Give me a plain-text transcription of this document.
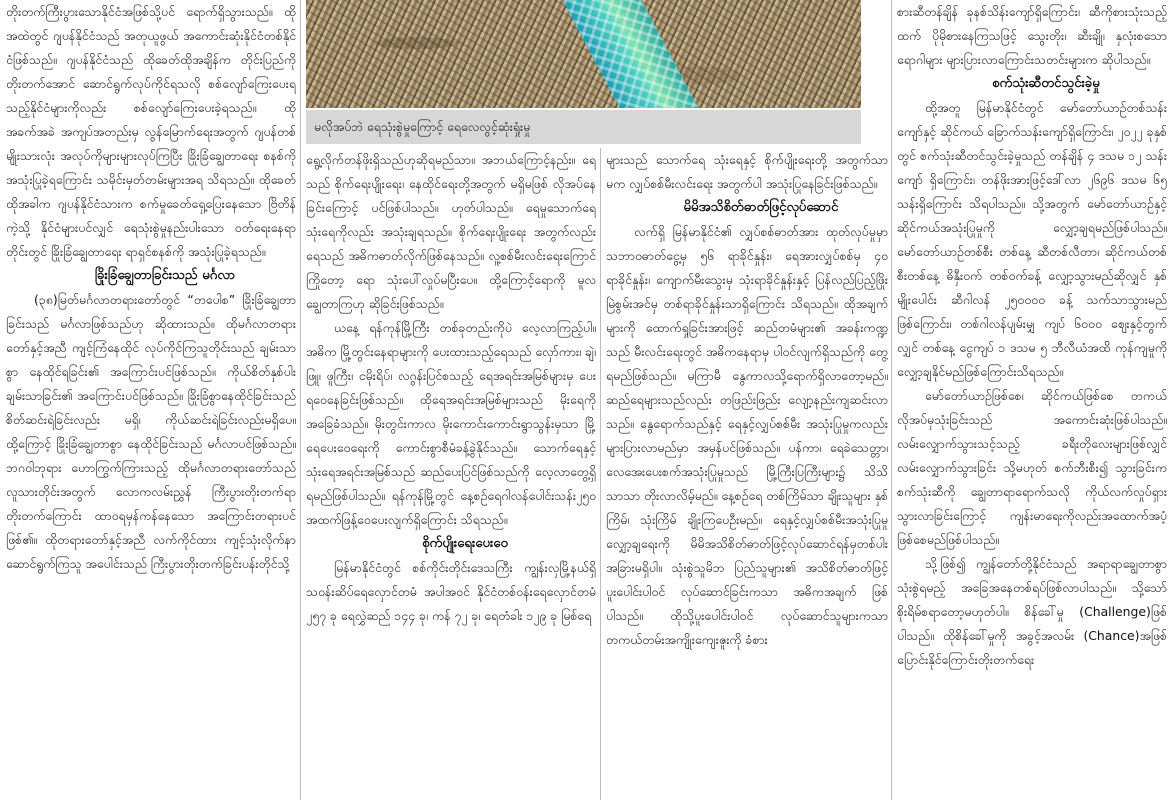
တိုးတက်ကြီးပွားသောနိုင်ငံအဖြစ်သို့ပင် ရောက်ရှိသွားသည်။ ထိုအထဲတွင် ဂျပန်နိုင်ငံသည် အတုယူဖွယ် အကောင်းဆုံးနိုင်ငံတစ်နိုင်ငံဖြစ်သည်။ ဂျပန်နိုင်ငံသည် ထိုခေတ်ထိုအချိန်က တိုင်းပြည်ကို တိုးတက်အောင် ဆောင်ရွက်လုပ်ကိုင်ရသလို စစ်လျော်ကြေးပေးရသည့်နိုင်ငံများကိုလည်း စစ်လျော်ကြေးပေးခဲ့ရသည်။ ထိုအခက်အခဲ အကျပ်အတည်းမှ လွန်မြောက်ရေးအတွက် ဂျပန်တစ်မျိုးသားလုံး အလုပ်ကိုများများလုပ်ကြပြီး ခြိုးခြံချွေတာရေး စနစ်ကို အသုံးပြုခဲ့ရကြောင်း သမိုင်းမှတ်တမ်းများအရ သိရသည်။ ထိုခေတ်ထိုအခါက ဂျပန်နိုင်ငံသားက စက်မှုခေတ်ရှေ့ပြေးနေသော ဗြိတိန်ကဲ့သို့ နိုင်ငံများပင်လျှင် ရေသုံးစွဲမှုနည်းပါးသော ဝတ်ရေးနေရာတိုင်းတွင် ခြိုးခြံချွေတာရေး ရာရှင်စနစ်ကို အသုံးပြုခဲ့ရသည်။

ခြိုးခြံချွေတာခြင်းသည် မင်္ဂလာ

(၃၈)မြတ်မင်္ဂလာတရားတော်တွင် “တပေါစ” ခြိုးခြံချွေတာခြင်းသည် မင်္ဂလာဖြစ်သည်ဟု ဆိုထားသည်။ ထိုမင်္ဂလာတရားတော်နှင့်အညီ ကျင့်ကြံနေထိုင် လုပ်ကိုင်ကြသူတိုင်းသည် ချမ်းသာစွာ နေထိုင်ရခြင်း၏ အကြောင်းပင်ဖြစ်သည်။ ကိုယ်စိတ်နှစ်ပါးချမ်းသာခြင်း၏ အကြောင်းပင်ဖြစ်သည်။ ခြိုးခြံစွာနေထိုင်ခြင်းသည် စိတ်ဆင်းရဲခြင်းလည်း မရှိ၊ ကိုယ်ဆင်းရဲခြင်းလည်းမရှိပေ။ ထို့ကြောင့် ခြိုးခြံချွေတာစွာ နေထိုင်ခြင်းသည် မင်္ဂလာပင်ဖြစ်သည်။ ဘဂဝါဘုရား ဟောကြွက်ကြားသည့် ထိုမင်္ဂလာတရားတော်သည် လူသားတိုင်းအတွက် လောကလမ်းညွှန် ကြီးပွားတိုးတက်ရာ တိုးတက်ကြောင်း ထာဝရမှန်ကန်နေသော အကြောင်းတရားပင်ဖြစ်၏။ ထိုတရားတော်နှင့်အညီ လက်ကိုင်ထား ကျင့်သုံးလိုက်နာဆောင်ရွက်ကြသူ အပေါင်းသည် ကြီးပွားတိုးတက်ခြင်းပန်းတိုင်သို့

မလိုအပ်ဘဲ ရေသုံးစွဲမှုကြောင့် ရေလေလွင့်ဆုံးရှုံးမှု

ရွေ့လိုက်တန်ဖိုးရှိသည်ဟုဆိုရမည်သာ။ အဘယ်ကြောင့်နည်း။ ရေသည် စိုက်ရေးပျိုးရေး၊ နေထိုင်ရေးတို့အတွက် မရှိမဖြစ် လိုအပ်နေခြင်းကြောင့် ပင်ဖြစ်ပါသည်။ ဟုတ်ပါသည်။ ရေမှုသောက်ရေ သုံးရေကိုလည်း အသုံးချရသည်။ စိုက်ရေးပျိုးရေး အတွက်လည်း ရေသည် အဓိကဓာတ်လိုက်ဖြစ်နေသည်။ လူ့စစ်မီးလင်းရေးကြောင်ကြိုတော့ ရော သုံးပေါ်လှုပ်မပြီးပေ။ ထို့ကြောင့်ရောကို မူလ ချွေတာကြဟု ဆိုခြင်းဖြစ်သည်။

ယနေ့ ရန်ကုန်မြို့ကြီး တစ်ခုတည်းကိုပဲ လေ့လာကြည့်ပါ။ အဓိက မြို့တွင်းနေရာများကို ပေးထားသည့်ရေသည် လှော်ကား၊ ချဲ၊ဖြူ၊ ဖူကြီး၊ ငမိုးရိပ်၊ လဂွန်းပြင်စသည့် ရေအရင်းအမြစ်များမှ ပေးရဝေနေခြင်းဖြစ်သည်။ ထိုရေအရင်းအမြစ်များသည် မိုးရေကိုအခြေခံသည်။ မိုးတွင်းကာလ မိုးကောင်းကောင်းရွာသွန်းမှသာ မြို့ရေပေးဝေရေးကို ကောင်းစွာစီမံခန့်ခွဲနိုင်သည်။ သောက်ရေနှင့် သုံးရေအရင်းအမြစ်သည် ဆည်ပေးပြင်ဖြစ်သည်ကို လေ့လာတွေ့ရှိရမည်ဖြစ်ပါသည်။ ရန်ကုန်မြို့တွင် နေ့စဉ်ရေဂါလန်ပေါင်းသန်း၂၅၀ အထက်ဖြန့်ဝေပေးလျက်ရှိကြောင်း သိရသည်။

စိုက်ပျိုးရေးပေးဝေ

မြန်မာနိုင်ငံတွင် စစ်ကိုင်းတိုင်းဒေသကြီး ကျွန်းလှမြို့နယ်ရှိ သဝန်းဆိပ်ရေလှောင်တမံ အပါအဝင် နိုင်ငံတစ်ဝန်းရေလှောင်တမံ ၂၅၇ ခု ရေလွှဲဆည် ၁၄၄ ခု၊ ကန် ၇၂ ခု၊ ရေတံခါး ၁၂၉ ခု မြစ်ရေ

များသည် သောက်ရေ သုံးရေနှင့် စိုက်ပျိုးရေးတို့ အတွက်သာမက လျှပ်စစ်မီးလင်းရေး အတွက်ပါ အသုံးပြုနေခြင်းဖြစ်သည်။

မိမိအသိစိတ်ဓာတ်ဖြင့်လုပ်ဆောင်

လက်ရှိ မြန်မာနိုင်ငံ၏ လျှပ်စစ်ဓာတ်အား ထုတ်လုပ်မှုမှာ သဘာဝဓာတ်ငွေ့မှ ၅၆ ရာခိုင်နှုန်း၊ ရေအားလျှပ်စစ်မှ ၄၀ ရာခိုင်နှုန်း၊ ကျောက်မီးသွေးမှ သုံးရာခိုင်နှုန်းနှင့် ပြန်လည်ပြည့်ဖြိုးမြဲစွမ်းအင်မှ တစ်ရာခိုင်နှုန်းသာရှိကြောင်း သိရသည်။ ထိုအချက်များကို ထောက်ရှုခြင်းအားဖြင့် ဆည်တမံများ၏ အခန်းကဏ္ဍသည် မီးလင်းရေးတွင် အဓိကနေရာမှ ပါဝင်လျက်ရှိသည်ကို တွေ့ရမည်ဖြစ်သည်။ မကြာမီ နွေကာလသို့ရောက်ရှိလာတော့မည်။ ဆည်ရေများသည်လည်း တဖြည်းဖြည်း လျော့နည်းကျဆင်းလာသည်။ နွေရောက်သည်နှင့် ရေနှင့်လျှပ်စစ်မီး အသုံးပြုမှုကလည်း များပြားလာမည်မှာ အမှန်ပင်ဖြစ်သည်။ ပန်ကာ၊ ရေခဲသေတ္တာ၊ လေအေးပေးစက်အသုံးပြုမှုသည် မြို့ကြီးပြကြီးများ၌ သိသိသာသာ တိုးလာလိမ့်မည်။ နေ့စဉ်ရေ တစ်ကြိမ်သာ ချိုးသူများ နှစ်ကြိမ်၊ သုံးကြိမ် ချိုးကြပေဦးမည်။ ရေနှင့်လျှပ်စစ်မီးအသုံးပြုမှု လျှော့ချရေးကို မိမိအသိစိတ်ဓာတ်ဖြင့်လုပ်ဆောင်ရန်မှတစ်ပါး အခြားမရှိပါ။ သုံးစွဲသူမိဘ ပြည်သူများ၏ အသိစိတ်ဓာတ်ဖြင့် ပူးပေါင်းပါဝင် လုပ်ဆောင်ခြင်းကသာ အဓိကအချက် ဖြစ်ပါသည်။ ထိုသို့ပူးပေါင်းပါဝင် လုပ်ဆောင်သူများကသာ တကယ်တမ်းအကျိုးကျေးဇူးကို ခံစား

စားဆီတန်ချိန် ခုနစ်သိန်းကျော်ရှိကြောင်း၊ ဆီကိုစားသုံးသည့်ထက် ပိုမိုစားနေကြသဖြင့် သွေးတိုး၊ ဆီးချို၊ နှလုံးစသော ရောဂါများ များပြားလာကြောင်းသတင်းများက ဆိုပါသည်။

စက်သုံးဆီတင်သွင်းခဲ့မှု

ထို့အတူ မြန်မာနိုင်ငံတွင် မော်တော်ယာဉ်တစ်သန်းကျော်နှင့် ဆိုင်ကယ် ခြောက်သန်းကျော်ရှိကြောင်း၊ ၂၀၂၂ ခုနှစ်တွင် စက်သုံးဆီတင်သွင်းခဲ့မှုသည် တန်ချိန် ၄ ဒသမ ၁၂ သန်းကျော် ရှိကြောင်း၊ တန်ဖိုးအားဖြင့်ဒေါ်လာ ၂၆၉၆ ဒသမ ၆၅ သန်းရှိကြောင်း သိရပါသည်။ သို့အတွက် မော်တော်ယာဉ်နှင့် ဆိုင်ကယ်အသုံးပြုမှုကို လျှော့ချရမည်ဖြစ်ပါသည်။ မော်တော်ယာဉ်တစ်စီး တစ်နေ့ ဆီတစ်လီတာ၊ ဆိုင်ကယ်တစ်စီးတစ်နေ့ ဓိနှီးဝက် တစ်ဝက်ခန့် လျှော့သွားမည်ဆိုလျှင် နှစ်မျိုးပေါင်း ဆီဂါလန် ၂၅၀၀၀၀ ခန့် သက်သာသွားမည်ဖြစ်ကြောင်း၊ တစ်ဂါလန်ပျမ်းမျှ ကျပ် ၆၀၀၀ ဈေးနှင့်တွက်လျှင် တစ်နေ့ ငွေကျပ် ၁ ဒသမ ၅ ဘီလီယံအထိ ကုန်ကျမှုကို လျှော့ချနိုင်မည်ဖြစ်ကြောင်းသိရသည်။

မော်တော်ယာဉ်ဖြစ်စေ၊ ဆိုင်ကယ်ဖြစ်စေ တကယ်လိုအပ်မှသုံးခြင်းသည် အကောင်းဆုံးဖြစ်ပါသည်။ လမ်းလျှောက်သွားသင့်သည့် ခရီးတိုလေးများဖြစ်လျှင် လမ်းလျှောက်သွားခြင်း သို့မဟုတ် စက်ဘီးစီး၍ သွားခြင်းက စက်သုံးဆီကို ချွေတာရာရောက်သလို ကိုယ်လက်လှုပ်ရှားသွားလာခြင်းကြောင့် ကျန်းမာရေးကိုလည်းအထောက်အပံ့ ဖြစ်စေမည်ဖြစ်ပါသည်။

သို့ဖြစ်၍ ကျွန်တော်တို့နိုင်ငံသည် အရာရာချွေတာစွာသုံးစွဲရမည့် အခြေအနေတစ်ရပ်ဖြစ်လာပါသည်။ သို့သော် စိုးရိမ်စရာတော့မဟုတ်ပါ။ စိန်ခေါ်မှု (Challenge)ဖြစ်ပါသည်။ ထိုစိန်ခေါ်မှုကို အခွင့်အလမ်း (Chance)အဖြစ်ပြောင်းနိုင်ကြောင်းတိုးတက်ရေး
